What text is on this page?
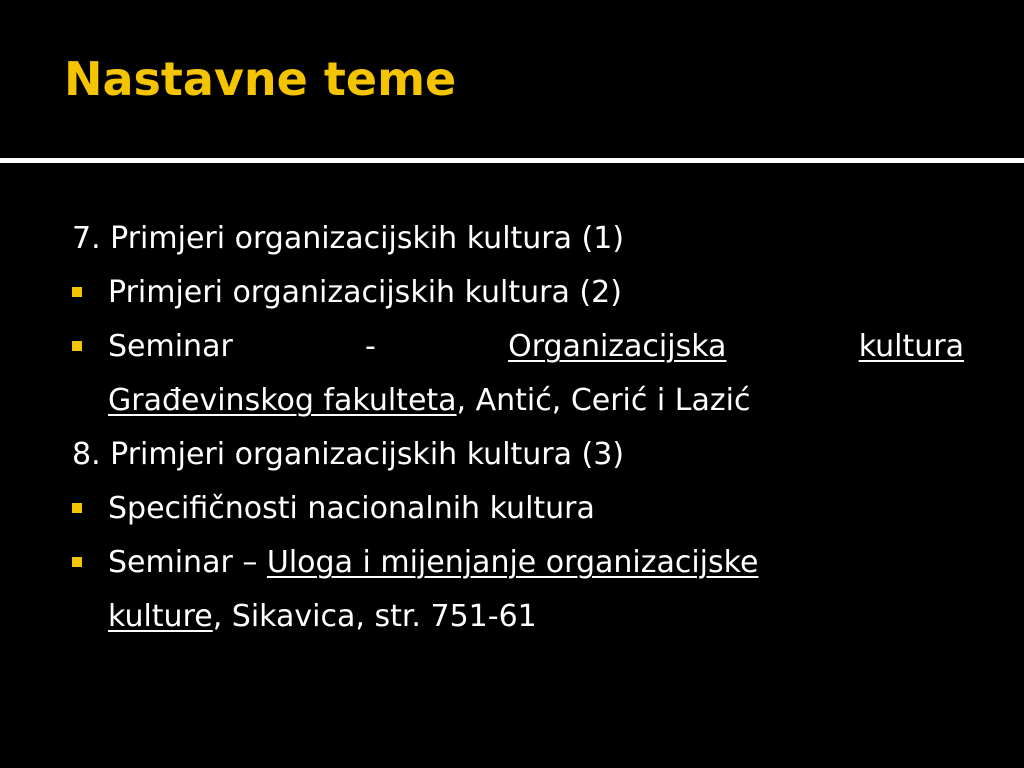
Nastavne teme
7. Primjeri organizacijskih kultura (1)
Primjeri organizacijskih kultura (2)
Seminar	-	Organizacijska	kultura
Građevinskog fakulteta, Antić, Cerić i Lazić
8. Primjeri organizacijskih kultura (3)
Specifičnosti nacionalnih kultura
Seminar – Uloga i mijenjanje organizacijske
kulture, Sikavica, str. 751-61
